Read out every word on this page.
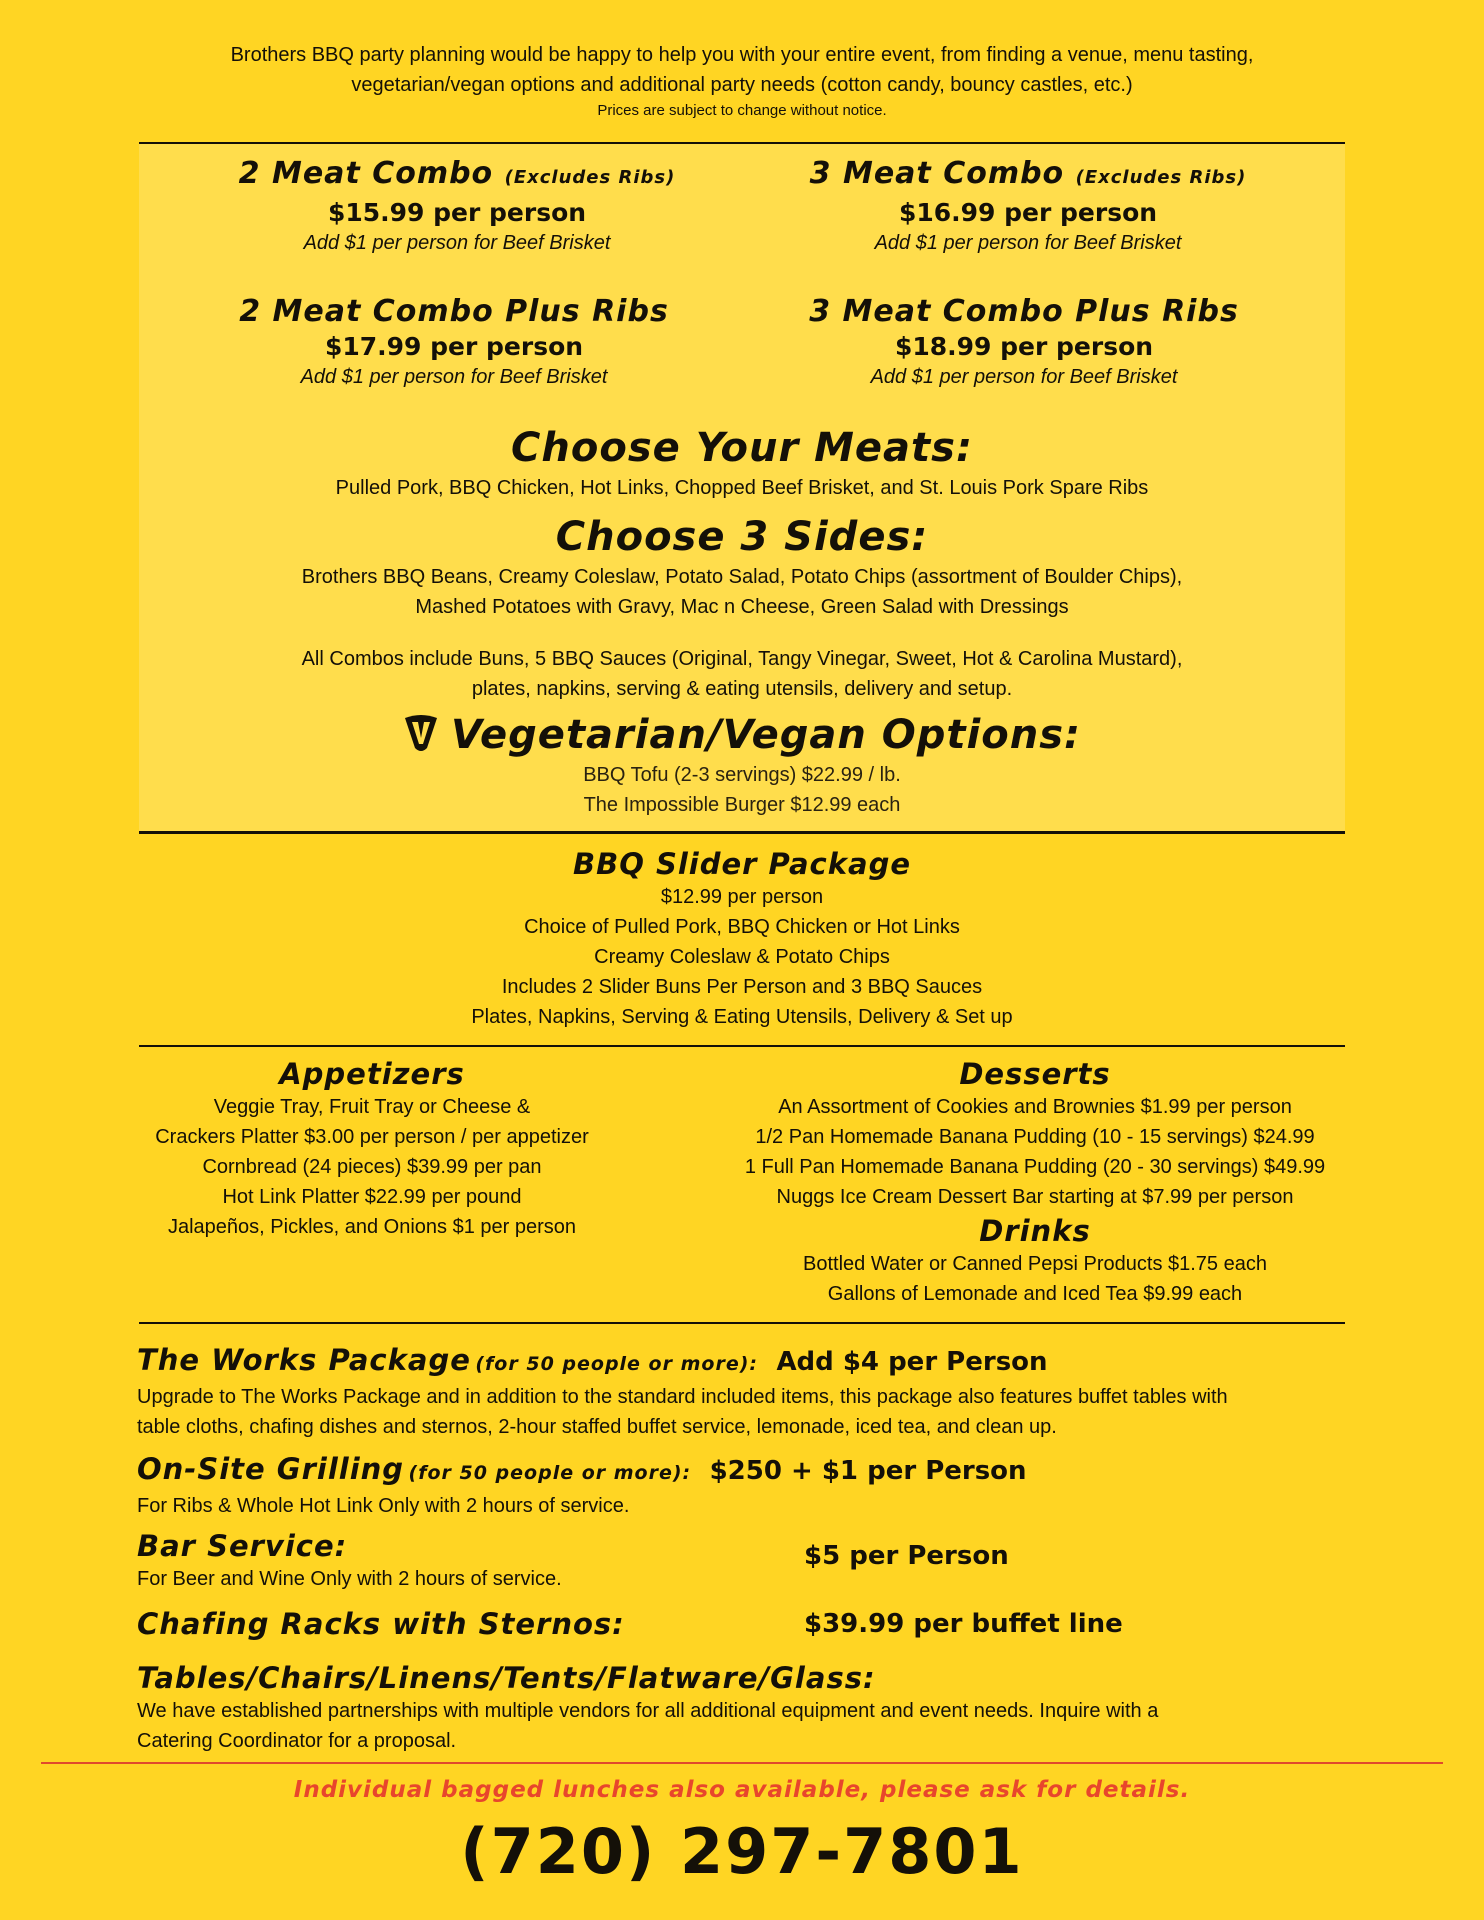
Brothers BBQ party planning would be happy to help you with your entire event, from finding a venue, menu tasting,
vegetarian/vegan options and additional party needs (cotton candy, bouncy castles, etc.)
Prices are subject to change without notice.
2 Meat Combo (Excludes Ribs)
$15.99 per person
Add $1 per person for Beef Brisket
3 Meat Combo (Excludes Ribs)
$16.99 per person
Add $1 per person for Beef Brisket
2 Meat Combo Plus Ribs
$17.99 per person
Add $1 per person for Beef Brisket
3 Meat Combo Plus Ribs
$18.99 per person
Add $1 per person for Beef Brisket
Choose Your Meats:
Pulled Pork, BBQ Chicken, Hot Links, Chopped Beef Brisket, and St. Louis Pork Spare Ribs
Choose 3 Sides:
Brothers BBQ Beans, Creamy Coleslaw, Potato Salad, Potato Chips (assortment of Boulder Chips),
Mashed Potatoes with Gravy, Mac n Cheese, Green Salad with Dressings
All Combos include Buns, 5 BBQ Sauces (Original, Tangy Vinegar, Sweet, Hot & Carolina Mustard),
plates, napkins, serving & eating utensils, delivery and setup.
Vegetarian/Vegan Options:
BBQ Tofu (2-3 servings) $22.99 / lb.
The Impossible Burger $12.99 each
BBQ Slider Package
$12.99 per person
Choice of Pulled Pork, BBQ Chicken or Hot Links
Creamy Coleslaw & Potato Chips
Includes 2 Slider Buns Per Person and 3 BBQ Sauces
Plates, Napkins, Serving & Eating Utensils, Delivery & Set up
Appetizers
Veggie Tray, Fruit Tray or Cheese &
Crackers Platter $3.00 per person / per appetizer
Cornbread (24 pieces) $39.99 per pan
Hot Link Platter $22.99 per pound
Jalapeños, Pickles, and Onions $1 per person
Desserts
An Assortment of Cookies and Brownies $1.99 per person
1/2 Pan Homemade Banana Pudding (10 - 15 servings) $24.99
1 Full Pan Homemade Banana Pudding (20 - 30 servings) $49.99
Nuggs Ice Cream Dessert Bar starting at $7.99 per person
Drinks
Bottled Water or Canned Pepsi Products $1.75 each
Gallons of Lemonade and Iced Tea $9.99 each
The Works Package (for 50 people or more): Add $4 per Person
Upgrade to The Works Package and in addition to the standard included items, this package also features buffet tables with
table cloths, chafing dishes and sternos, 2-hour staffed buffet service, lemonade, iced tea, and clean up.
On-Site Grilling (for 50 people or more): $250 + $1 per Person
For Ribs & Whole Hot Link Only with 2 hours of service.
Bar Service:
For Beer and Wine Only with 2 hours of service.
$5 per Person
Chafing Racks with Sternos:	$39.99 per buffet line
Tables/Chairs/Linens/Tents/Flatware/Glass:
We have established partnerships with multiple vendors for all additional equipment and event needs. Inquire with a
Catering Coordinator for a proposal.
Individual bagged lunches also available, please ask for details.
(720) 297-7801
